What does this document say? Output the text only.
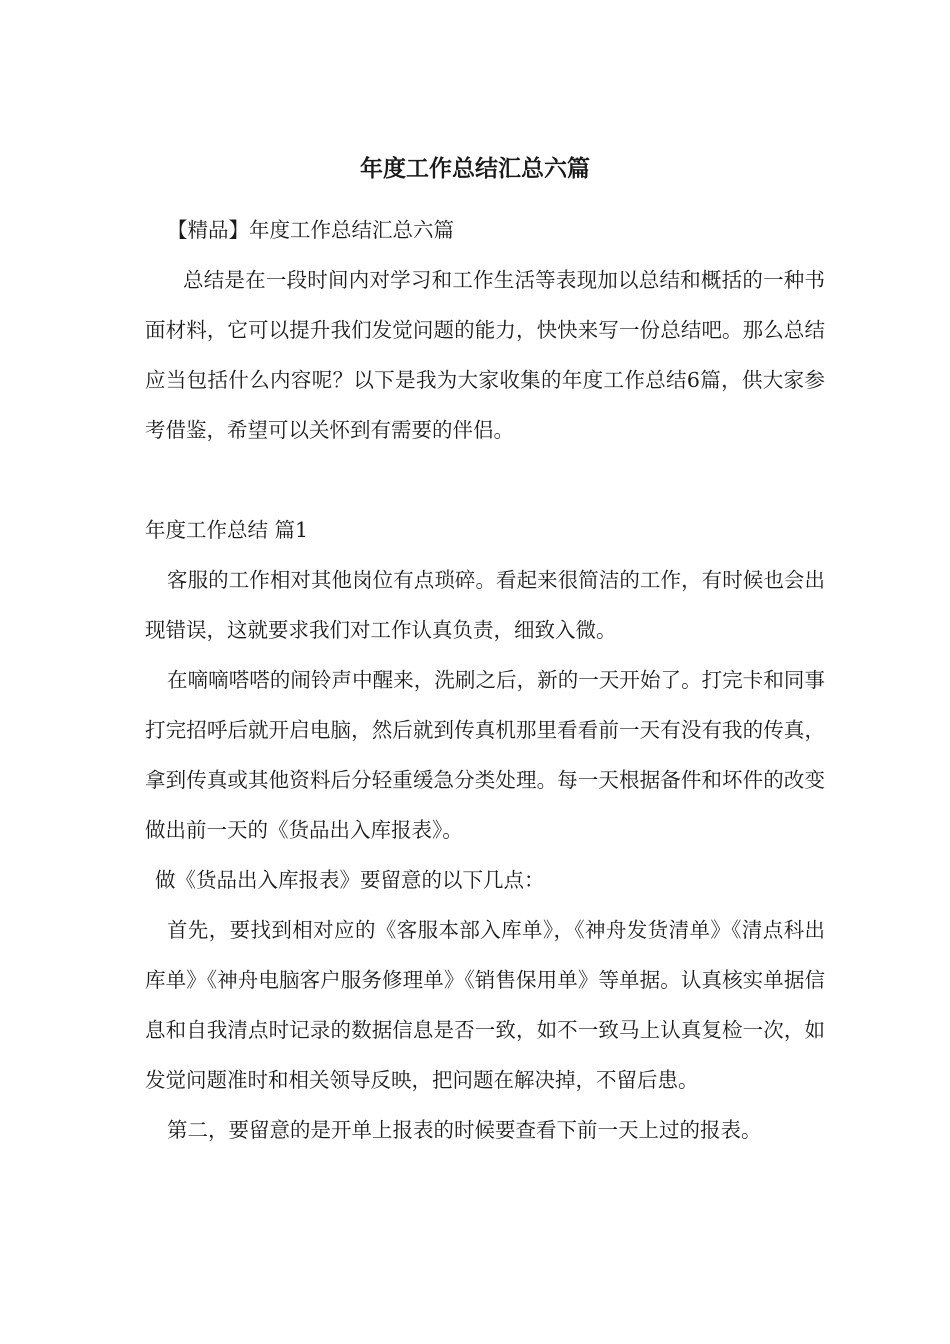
年度工作总结汇总六篇

【精品】年度工作总结汇总六篇

总结是在一段时间内对学习和工作生活等表现加以总结和概括的一种书面材料，它可以提升我们发觉问题的能力，快快来写一份总结吧。那么总结应当包括什么内容呢？以下是我为大家收集的年度工作总结6篇，供大家参考借鉴，希望可以关怀到有需要的伴侣。

年度工作总结 篇1

客服的工作相对其他岗位有点琐碎。看起来很简洁的工作，有时候也会出现错误，这就要求我们对工作认真负责，细致入微。

在嘀嘀嗒嗒的闹铃声中醒来，洗刷之后，新的一天开始了。打完卡和同事打完招呼后就开启电脑，然后就到传真机那里看看前一天有没有我的传真，拿到传真或其他资料后分轻重缓急分类处理。每一天根据备件和坏件的改变做出前一天的《货品出入库报表》。

做《货品出入库报表》要留意的以下几点：

首先，要找到相对应的《客服本部入库单》，《神舟发货清单》《清点科出库单》《神舟电脑客户服务修理单》《销售保用单》等单据。认真核实单据信息和自我清点时记录的数据信息是否一致，如不一致马上认真复检一次，如发觉问题准时和相关领导反映，把问题在解决掉，不留后患。

第二，要留意的是开单上报表的时候要查看下前一天上过的报表。
